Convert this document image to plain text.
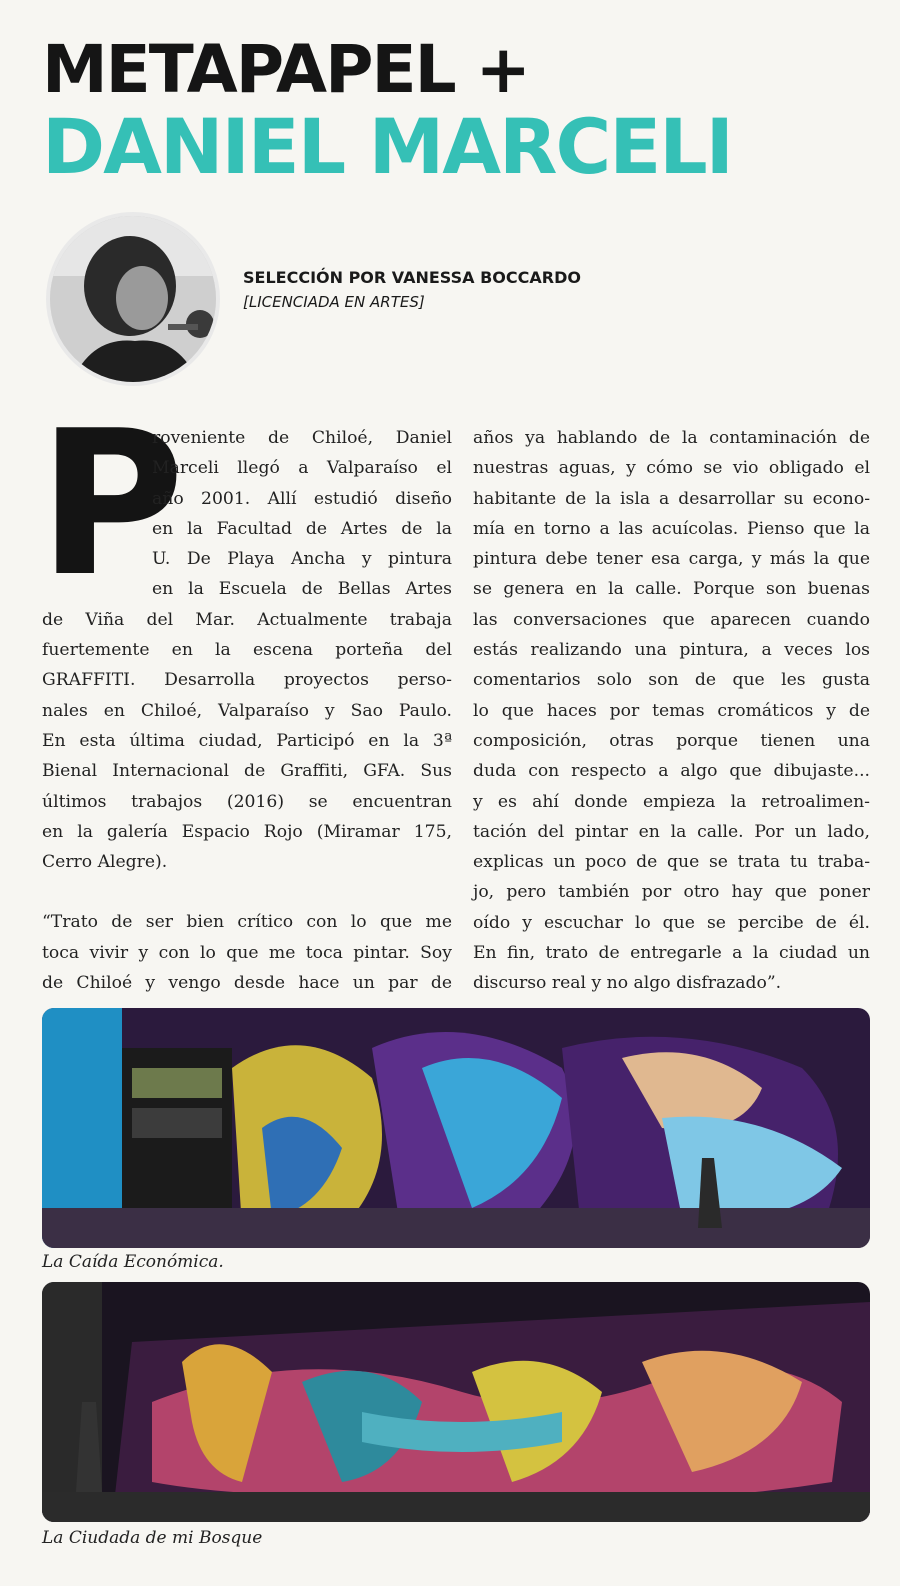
METAPAPEL +
DANIEL MARCELI
SELECCIÓN POR VANESSA BOCCARDO
[LICENCIADA EN ARTES]
P
roveniente de Chiloé, Daniel
Marceli llegó a Valparaíso el
año 2001. Allí estudió diseño
en la Facultad de Artes de la
U. De Playa Ancha y pintura
en la Escuela de Bellas Artes
de Viña del Mar. Actualmente trabaja
fuertemente en la escena porteña del
GRAFFITI. Desarrolla proyectos perso-
nales en Chiloé, Valparaíso y Sao Paulo.
En esta última ciudad, Participó en la 3ª
Bienal Internacional de Graffiti, GFA. Sus
últimos trabajos (2016) se encuentran
en la galería Espacio Rojo (Miramar 175,
Cerro Alegre).
“Trato de ser bien crítico con lo que me
toca vivir y con lo que me toca pintar. Soy
de Chiloé y vengo desde hace un par de
años ya hablando de la contaminación de
nuestras aguas, y cómo se vio obligado el
habitante de la isla a desarrollar su econo-
mía en torno a las acuícolas. Pienso que la
pintura debe tener esa carga, y más la que
se genera en la calle. Porque son buenas
las conversaciones que aparecen cuando
estás realizando una pintura, a veces los
comentarios solo son de que les gusta
lo que haces por temas cromáticos y de
composición, otras porque tienen una
duda con respecto a algo que dibujaste...
y es ahí donde empieza la retroalimen-
tación del pintar en la calle. Por un lado,
explicas un poco de que se trata tu traba-
jo, pero también por otro hay que poner
oído y escuchar lo que se percibe de él.
En fin, trato de entregarle a la ciudad un
discurso real y no algo disfrazado”.
La Caída Económica.
La Ciudada de mi Bosque
